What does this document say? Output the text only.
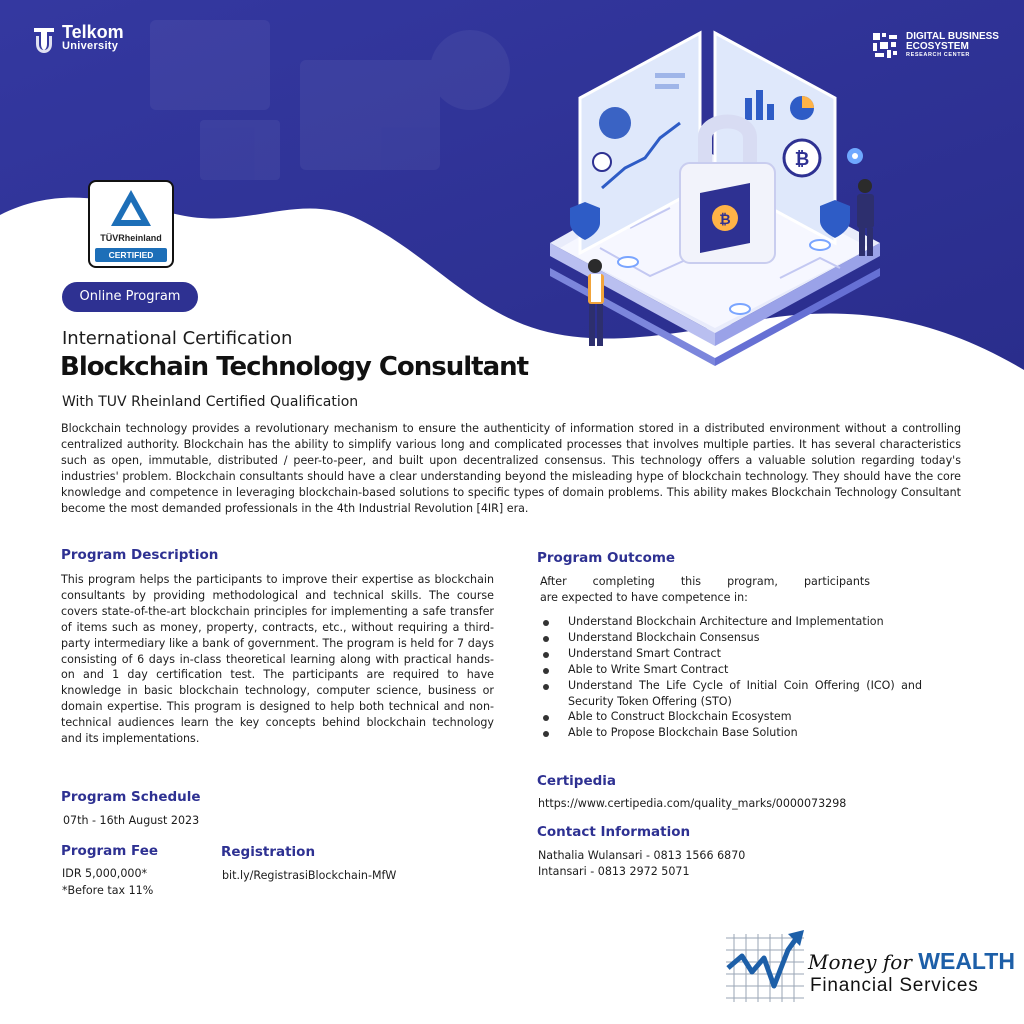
Telkom
University
DIGITAL BUSINESS
ECOSYSTEM
RESEARCH CENTER
₿
₿
TÜVRheinland
CERTIFIED
Online Program
International Certification
Blockchain Technology Consultant
With TUV Rheinland Certified Qualification
Blockchain technology provides a revolutionary mechanism to ensure the authenticity of information stored in a distributed environment without a controlling centralized authority. Blockchain has the ability to simplify various long and complicated processes that involves multiple parties. It has several characteristics such as open, immutable, distributed / peer-to-peer, and built upon decentralized consensus. This technology offers a valuable solution regarding today's industries' problem. Blockchain consultants should have a clear understanding beyond the misleading hype of blockchain technology. They should have the core knowledge and competence in leveraging blockchain-based solutions to specific types of domain problems. This ability makes Blockchain Technology Consultant become the most demanded professionals in the 4th Industrial Revolution [4IR] era.
Program Description
This program helps the participants to improve their expertise as blockchain consultants by providing methodological and technical skills. The course covers state-of-the-art blockchain principles for implementing a safe transfer of items such as money, property, contracts, etc., without requiring a third-party intermediary like a bank of government. The program is held for 7 days consisting of 6 days in-class theoretical learning along with practical hands-on and 1 day certification test. The participants are required to have knowledge in basic blockchain technology, computer science, business or domain expertise. This program is designed to help both technical and non-technical audiences learn the key concepts behind blockchain technology and its implementations.
Program Schedule
07th - 16th August 2023
Program Fee
IDR 5,000,000*
*Before tax 11%
Registration
bit.ly/RegistrasiBlockchain-MfW
Program Outcome
After completing this program, participants
are expected to have competence in:
Understand Blockchain Architecture and Implementation
Understand Blockchain Consensus
Understand Smart Contract
Able to Write Smart Contract
Understand The Life Cycle of Initial Coin Offering (ICO) and Security Token Offering (STO)
Able to Construct Blockchain Ecosystem
Able to Propose Blockchain Base Solution
Certipedia
https://www.certipedia.com/quality_marks/0000073298
Contact Information
Nathalia Wulansari - 0813 1566 6870
Intansari - 0813 2972 5071
Money for WEALTH
Financial Services
